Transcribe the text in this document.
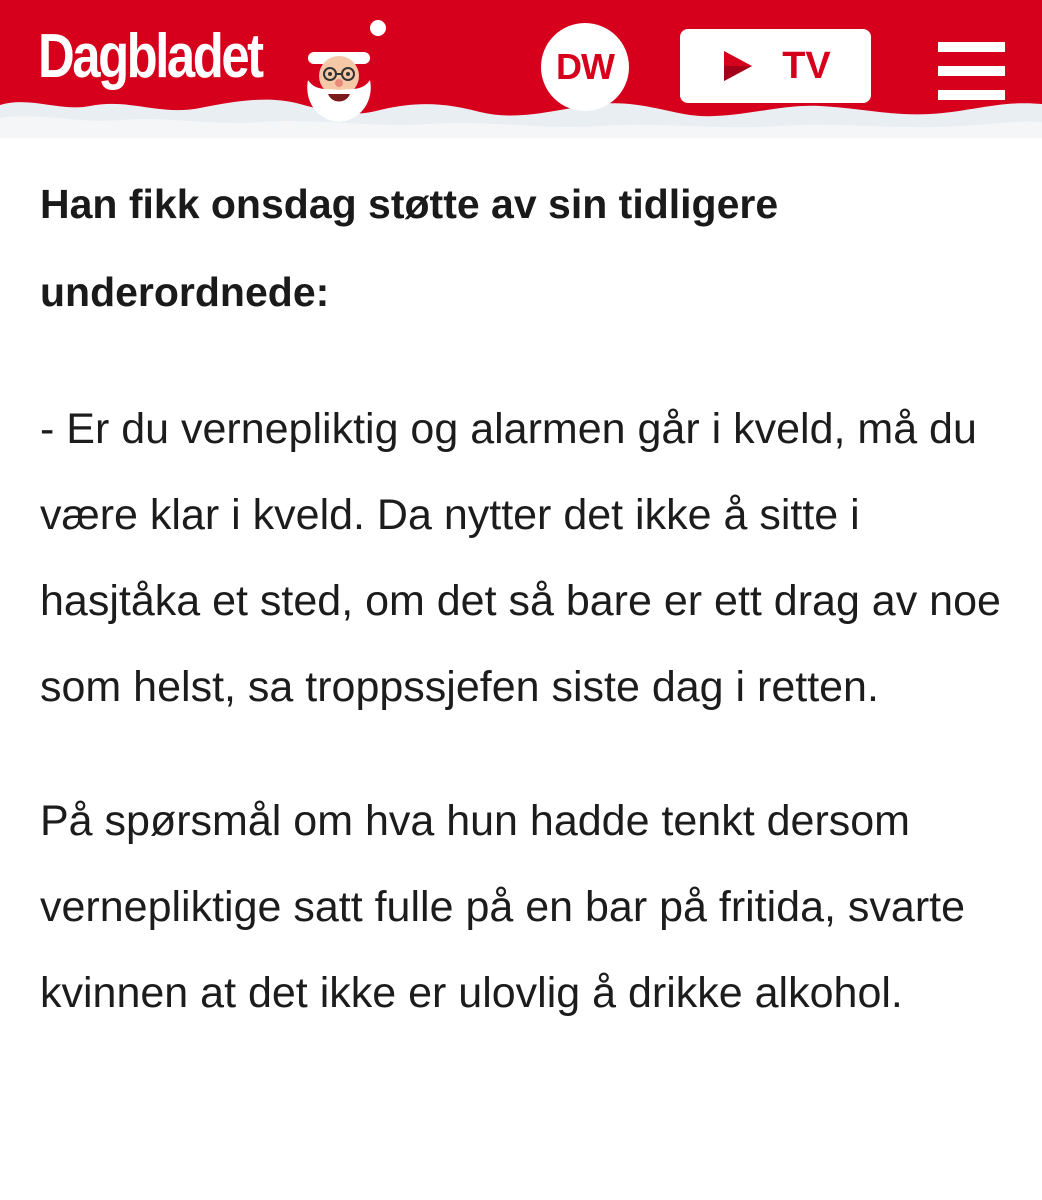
Dagbladet	DW	TV

Han fikk onsdag støtte av sin tidligere underordnede:

- Er du vernepliktig og alarmen går i kveld, må du være klar i kveld. Da nytter det ikke å sitte i hasjtåka et sted, om det så bare er ett drag av noe som helst, sa troppssjefen siste dag i retten.

På spørsmål om hva hun hadde tenkt dersom vernepliktige satt fulle på en bar på fritida, svarte kvinnen at det ikke er ulovlig å drikke alkohol.
